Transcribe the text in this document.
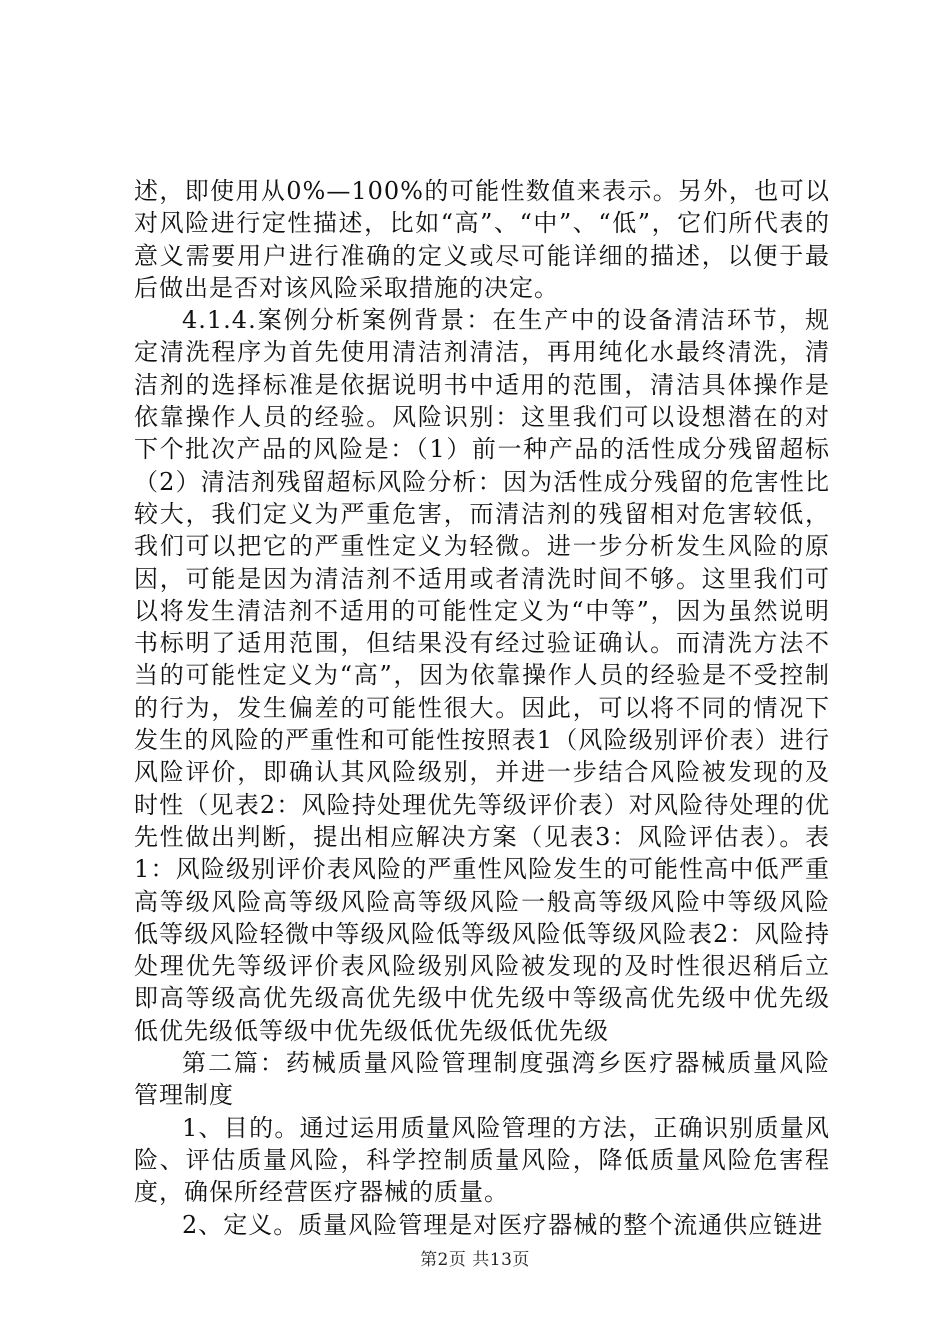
述，即使用从0%—100%的可能性数值来表示。另外，也可以对风险进行定性描述，比如“高”、“中”、“低”，它们所代表的意义需要用户进行准确的定义或尽可能详细的描述，以便于最后做出是否对该风险采取措施的决定。

4.1.4.案例分析案例背景：在生产中的设备清洁环节，规定清洗程序为首先使用清洁剂清洁，再用纯化水最终清洗，清洁剂的选择标准是依据说明书中适用的范围，清洁具体操作是依靠操作人员的经验。风险识别：这里我们可以设想潜在的对下个批次产品的风险是：（1）前一种产品的活性成分残留超标（2）清洁剂残留超标风险分析：因为活性成分残留的危害性比较大，我们定义为严重危害，而清洁剂的残留相对危害较低，我们可以把它的严重性定义为轻微。进一步分析发生风险的原因，可能是因为清洁剂不适用或者清洗时间不够。这里我们可以将发生清洁剂不适用的可能性定义为“中等”，因为虽然说明书标明了适用范围，但结果没有经过验证确认。而清洗方法不当的可能性定义为“高”，因为依靠操作人员的经验是不受控制的行为，发生偏差的可能性很大。因此，可以将不同的情况下发生的风险的严重性和可能性按照表1（风险级别评价表）进行风险评价，即确认其风险级别，并进一步结合风险被发现的及时性（见表2：风险持处理优先等级评价表）对风险待处理的优先性做出判断，提出相应解决方案（见表3：风险评估表）。表1：风险级别评价表风险的严重性风险发生的可能性高中低严重高等级风险高等级风险高等级风险一般高等级风险中等级风险低等级风险轻微中等级风险低等级风险低等级风险表2：风险持处理优先等级评价表风险级别风险被发现的及时性很迟稍后立即高等级高优先级高优先级中优先级中等级高优先级中优先级低优先级低等级中优先级低优先级低优先级

第二篇：药械质量风险管理制度强湾乡医疗器械质量风险管理制度

1、目的。通过运用质量风险管理的方法，正确识别质量风险、评估质量风险，科学控制质量风险，降低质量风险危害程度，确保所经营医疗器械的质量。

2、定义。质量风险管理是对医疗器械的整个流通供应链进

第2页 共13页
